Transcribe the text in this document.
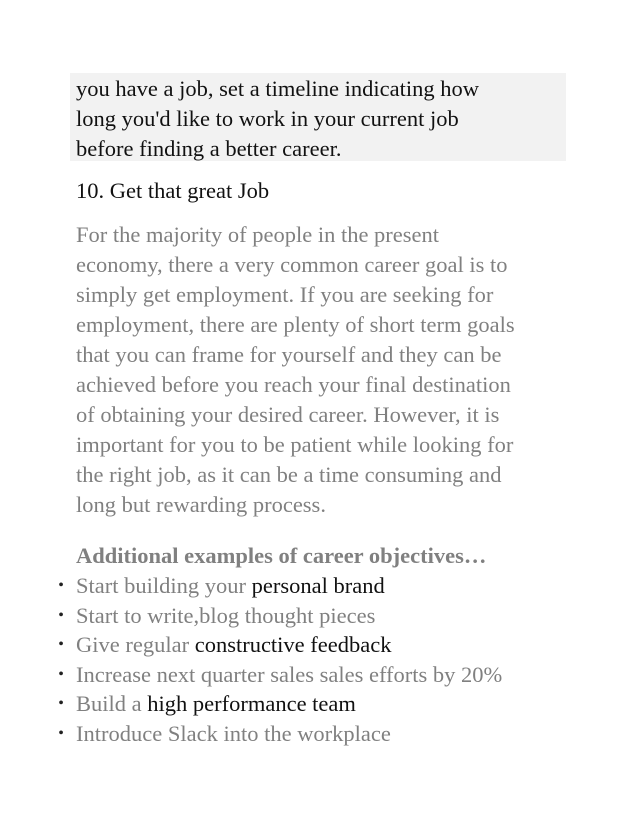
you have a job, set a timeline indicating how
long you'd like to work in your current job
before finding a better career.

10. Get that great Job

For the majority of people in the present
economy, there a very common career goal is to
simply get employment. If you are seeking for
employment, there are plenty of short term goals
that you can frame for yourself and they can be
achieved before you reach your final destination
of obtaining your desired career. However, it is
important for you to be patient while looking for
the right job, as it can be a time consuming and
long but rewarding process.

Additional examples of career objectives…

• Start building your personal brand
• Start to write,blog thought pieces
• Give regular constructive feedback
• Increase next quarter sales sales efforts by 20%
• Build a high performance team
• Introduce Slack into the workplace
